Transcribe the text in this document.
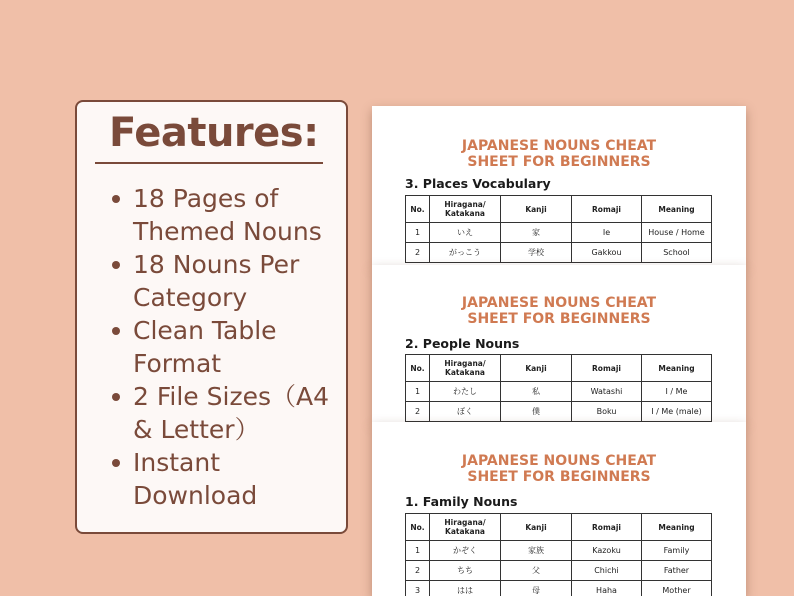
Features:
18 Pages of Themed Nouns
18 Nouns Per Category
Clean Table Format
2 File Sizes（A4 & Letter）
Instant Download
JAPANESE NOUNS CHEAT
SHEET FOR BEGINNERS
3. Places Vocabulary
No.	Hiragana/
Katakana	Kanji	Romaji	Meaning
1	いえ	家	Ie	House / Home
2	がっこう	学校	Gakkou	School
JAPANESE NOUNS CHEAT
SHEET FOR BEGINNERS
2. People Nouns
No.	Hiragana/
Katakana	Kanji	Romaji	Meaning
1	わたし	私	Watashi	I / Me
2	ぼく	僕	Boku	I / Me (male)
JAPANESE NOUNS CHEAT
SHEET FOR BEGINNERS
1. Family Nouns
No.	Hiragana/
Katakana	Kanji	Romaji	Meaning
1	かぞく	家族	Kazoku	Family
2	ちち	父	Chichi	Father
3	はは	母	Haha	Mother
